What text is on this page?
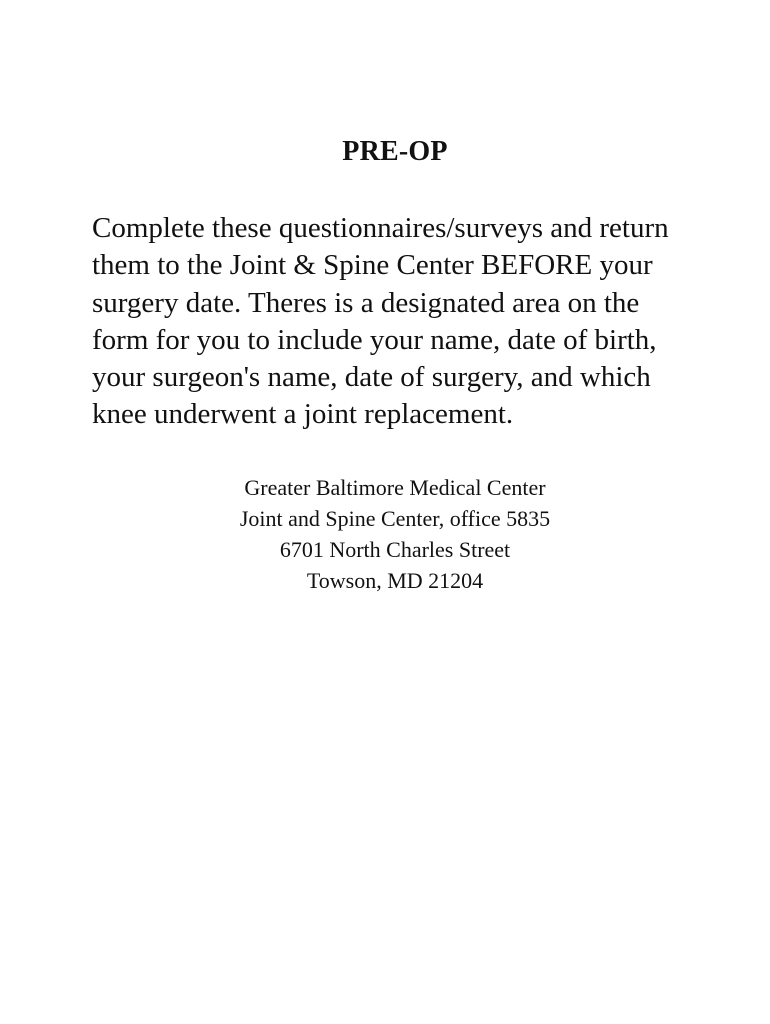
PRE-OP

Complete these questionnaires/surveys and return them to the Joint & Spine Center BEFORE your surgery date. Theres is a designated area on the form for you to include your name, date of birth, your surgeon's name, date of surgery, and which knee underwent a joint replacement.

Greater Baltimore Medical Center
Joint and Spine Center, office 5835
6701 North Charles Street
Towson, MD 21204
